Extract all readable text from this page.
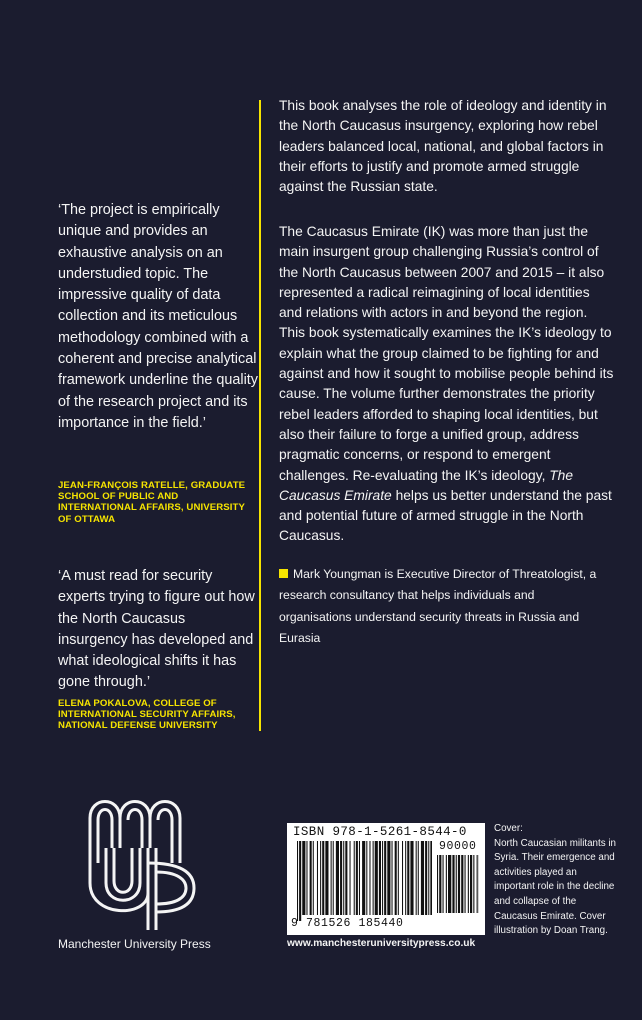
‘The project is empirically unique and provides an exhaustive analysis on an understudied topic. The impressive quality of data collection and its meticulous methodology combined with a coherent and precise analytical framework underline the quality of the research project and its importance in the field.’
JEAN-FRANÇOIS RATELLE, GRADUATE SCHOOL OF PUBLIC AND INTERNATIONAL AFFAIRS, UNIVERSITY OF OTTAWA
‘A must read for security experts trying to figure out how the North Caucasus insurgency has developed and what ideological shifts it has gone through.’
ELENA POKALOVA, COLLEGE OF INTERNATIONAL SECURITY AFFAIRS, NATIONAL DEFENSE UNIVERSITY
This book analyses the role of ideology and identity in the North Caucasus insurgency, exploring how rebel leaders balanced local, national, and global factors in their efforts to justify and promote armed struggle against the Russian state.
The Caucasus Emirate (IK) was more than just the main insurgent group challenging Russia’s control of the North Caucasus between 2007 and 2015 – it also represented a radical reimagining of local identities and relations with actors in and beyond the region. This book systematically examines the IK’s ideology to explain what the group claimed to be fighting for and against and how it sought to mobilise people behind its cause. The volume further demonstrates the priority rebel leaders afforded to shaping local identities, but also their failure to forge a unified group, address pragmatic concerns, or respond to emergent challenges. Re-evaluating the IK’s ideology, The Caucasus Emirate helps us better understand the past and potential future of armed struggle in the North Caucasus.
Mark Youngman is Executive Director of Threatologist, a research consultancy that helps individuals and organisations understand security threats in Russia and Eurasia
Manchester University Press
ISBN 978-1-5261-8544-0
9 781526 185440
90000
www.manchesteruniversitypress.co.uk
Cover:
North Caucasian militants in Syria. Their emergence and activities played an important role in the decline and collapse of the Caucasus Emirate. Cover illustration by Doan Trang.
